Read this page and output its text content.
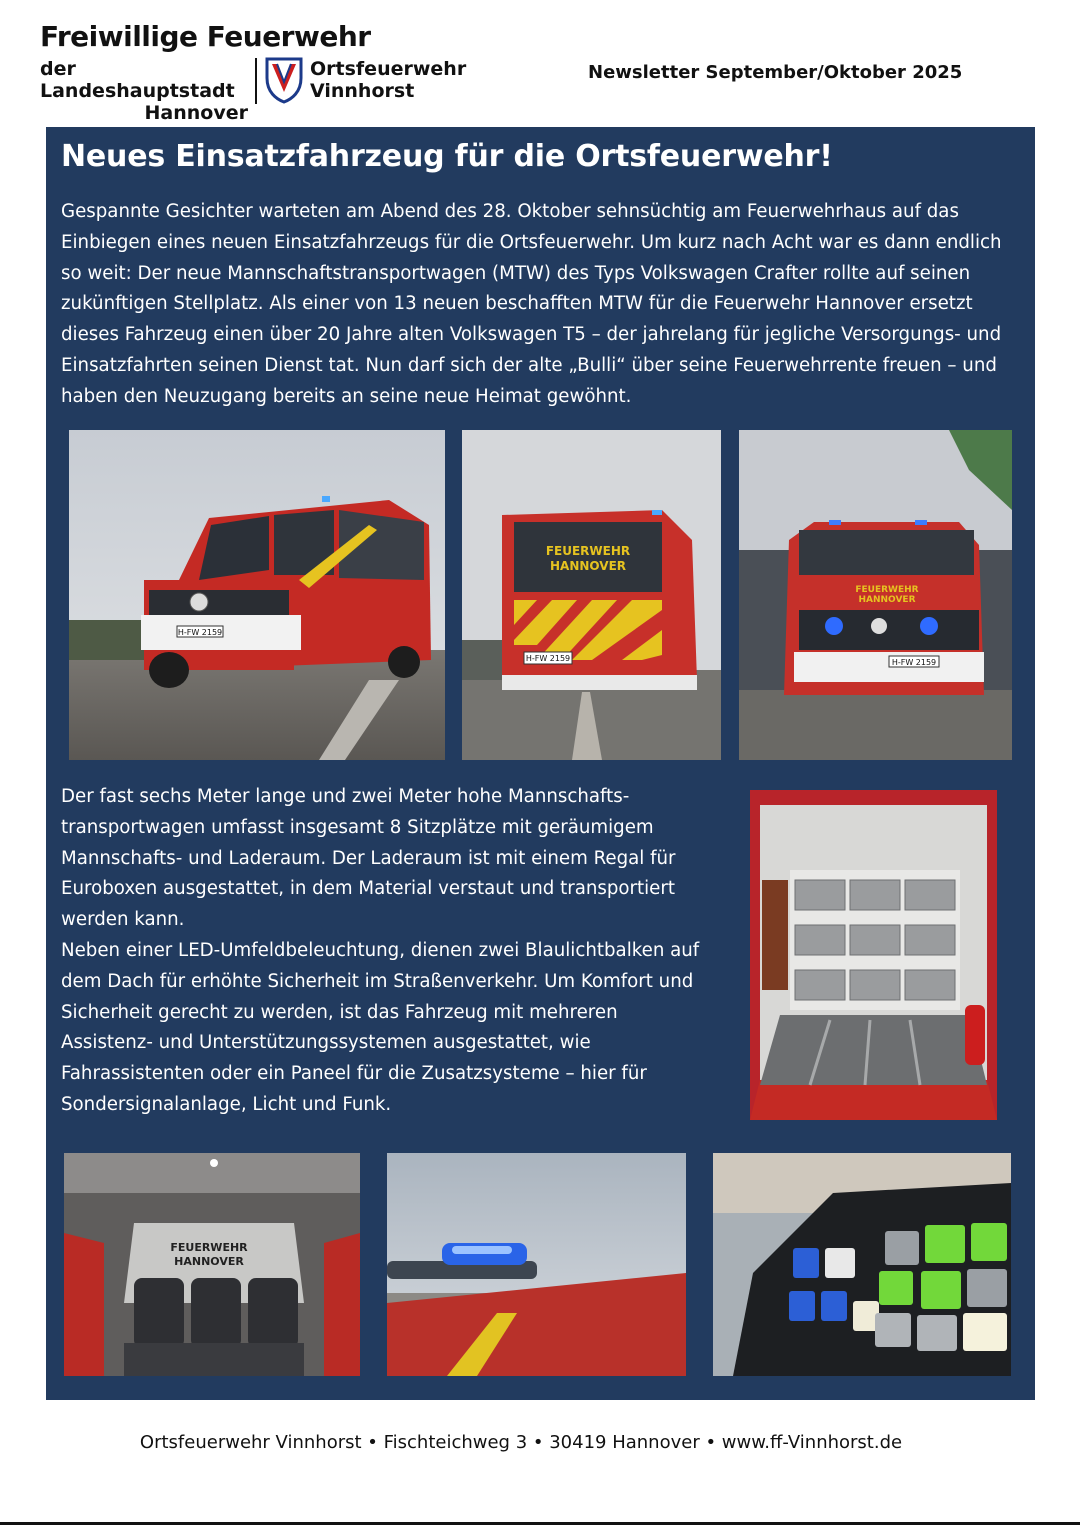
Freiwillige Feuerwehr
der Landeshauptstadt
Hannover
Ortsfeuerwehr
Vinnhorst
Newsletter September/Oktober 2025
Neues Einsatzfahrzeug für die Ortsfeuerwehr!

Gespannte Gesichter warteten am Abend des 28. Oktober sehnsüchtig am Feuerwehrhaus auf das Einbiegen eines neuen Einsatzfahrzeugs für die Ortsfeuerwehr. Um kurz nach Acht war es dann endlich so weit: Der neue Mannschaftstransportwagen (MTW) des Typs Volkswagen Crafter rollte auf seinen zukünftigen Stellplatz. Als einer von 13 neuen beschafften MTW für die Feuerwehr Hannover ersetzt dieses Fahrzeug einen über 20 Jahre alten Volkswagen T5 – der jahrelang für jegliche Versorgungs- und Einsatzfahrten seinen Dienst tat. Nun darf sich der alte „Bulli“ über seine Feuerwehrrente freuen – und haben den Neuzugang bereits an seine neue Heimat gewöhnt.

H-FW 2159
FEUERWEHR
HANNOVER
H-FW 2159
FEUERWEHR
HANNOVER
H-FW 2159

Der fast sechs Meter lange und zwei Meter hohe Mannschaftstransportwagen umfasst insgesamt 8 Sitzplätze mit geräumigem Mannschafts- und Laderaum. Der Laderaum ist mit einem Regal für Euroboxen ausgestattet, in dem Material verstaut und transportiert werden kann.
Neben einer LED-Umfeldbeleuchtung, dienen zwei Blaulichtbalken auf dem Dach für erhöhte Sicherheit im Straßenverkehr. Um Komfort und Sicherheit gerecht zu werden, ist das Fahrzeug mit mehreren Assistenz- und Unterstützungssystemen ausgestattet, wie Fahrassistenten oder ein Paneel für die Zusatzsysteme – hier für Sondersignalanlage, Licht und Funk.

FEUERWEHR
HANNOVER
Ortsfeuerwehr Vinnhorst • Fischteichweg 3 • 30419 Hannover • www.ff-Vinnhorst.de
